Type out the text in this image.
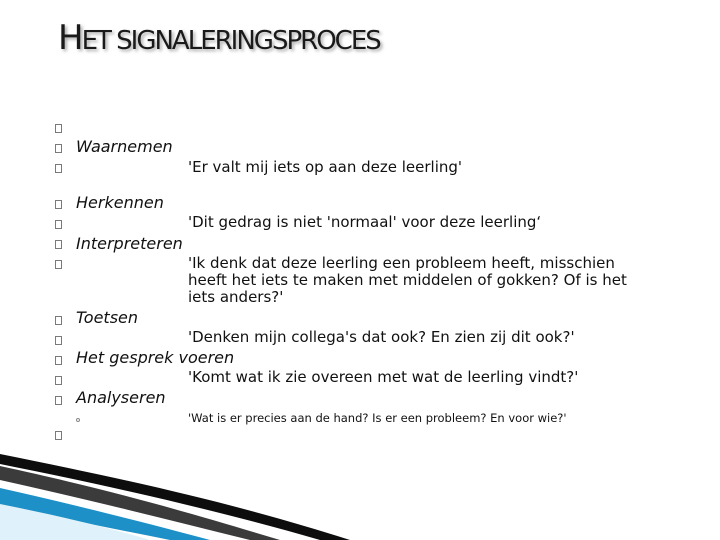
HET SIGNALERINGSPROCES
Waarnemen
'Er valt mij iets op aan deze leerling'
Herkennen
'Dit gedrag is niet 'normaal' voor deze leerling‘
Interpreteren
'Ik denk dat deze leerling een probleem heeft, misschien
heeft het iets te maken met middelen of gokken? Of is het
iets anders?'
Toetsen
'Denken mijn collega's dat ook? En zien zij dit ook?'
Het gesprek voeren
'Komt wat ik zie overeen met wat de leerling vindt?'
Analyseren
'Wat is er precies aan de hand? Is er een probleem? En voor wie?'
